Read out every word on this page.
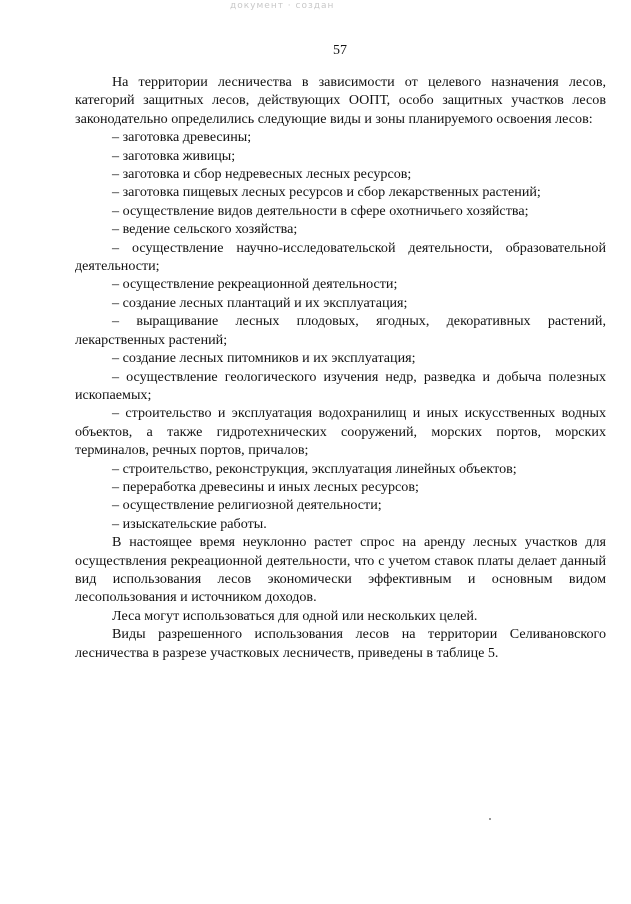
документ · создан
57

На территории лесничества в зависимости от целевого назначения лесов, категорий защитных лесов, действующих ООПТ, особо защитных участков лесов законодательно определились следующие виды и зоны планируемого освоения лесов:

– заготовка древесины;
– заготовка живицы;
– заготовка и сбор недревесных лесных ресурсов;
– заготовка пищевых лесных ресурсов и сбор лекарственных растений;
– осуществление видов деятельности в сфере охотничьего хозяйства;
– ведение сельского хозяйства;
– осуществление научно-исследовательской деятельности, образовательной деятельности;
– осуществление рекреационной деятельности;
– создание лесных плантаций и их эксплуатация;
– выращивание лесных плодовых, ягодных, декоративных растений, лекарственных растений;
– создание лесных питомников и их эксплуатация;
– осуществление геологического изучения недр, разведка и добыча полезных ископаемых;
– строительство и эксплуатация водохранилищ и иных искусственных водных объектов, а также гидротехнических сооружений, морских портов, морских терминалов, речных портов, причалов;
– строительство, реконструкция, эксплуатация линейных объектов;
– переработка древесины и иных лесных ресурсов;
– осуществление религиозной деятельности;
– изыскательские работы.

В настоящее время неуклонно растет спрос на аренду лесных участков для осуществления рекреационной деятельности, что с учетом ставок платы делает данный вид использования лесов экономически эффективным и основным видом лесопользования и источником доходов.

Леса могут использоваться для одной или нескольких целей.

Виды разрешенного использования лесов на территории Селивановского лесничества в разрезе участковых лесничеств, приведены в таблице 5.
